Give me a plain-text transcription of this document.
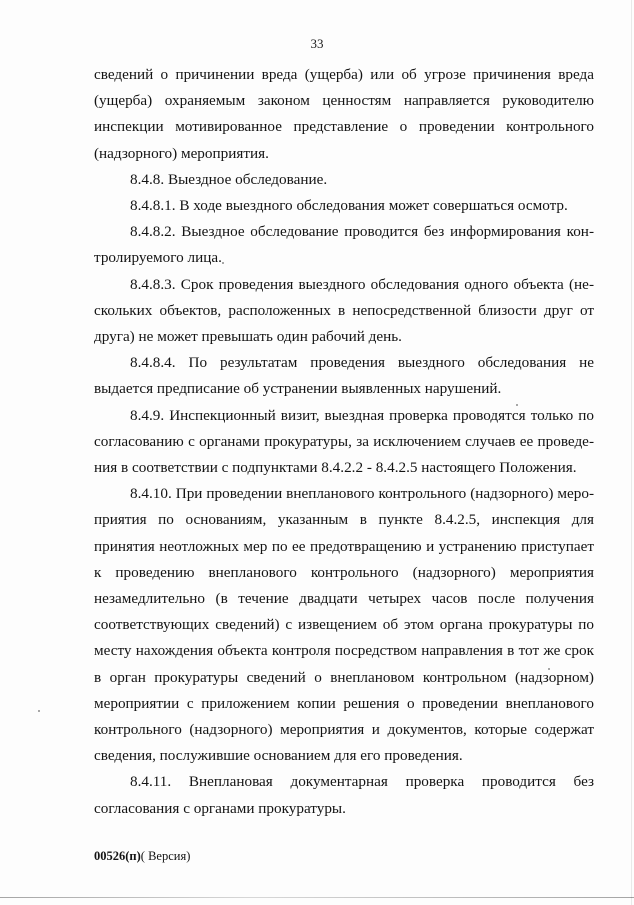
33

сведений о причинении вреда (ущерба) или об угрозе причинения вреда (ущерба) охраняемым законом ценностям направляется руководителю инспекции мотивированное представление о проведении контрольного (надзорного) мероприятия.

8.4.8. Выездное обследование.

8.4.8.1. В ходе выездного обследования может совершаться осмотр.

8.4.8.2. Выездное обследование проводится без информирования контролируемого лица.

8.4.8.3. Срок проведения выездного обследования одного объекта (нескольких объектов, расположенных в непосредственной близости друг от друга) не может превышать один рабочий день.

8.4.8.4. По результатам проведения выездного обследования не выдается предписание об устранении выявленных нарушений.

8.4.9. Инспекционный визит, выездная проверка проводятся только по согласованию с органами прокуратуры, за исключением случаев ее проведения в соответствии с подпунктами 8.4.2.2 - 8.4.2.5 настоящего Положения.

8.4.10. При проведении внепланового контрольного (надзорного) мероприятия по основаниям, указанным в пункте 8.4.2.5, инспекция для принятия неотложных мер по ее предотвращению и устранению приступает к проведению внепланового контрольного (надзорного) мероприятия незамедлительно (в течение двадцати четырех часов после получения соответствующих сведений) с извещением об этом органа прокуратуры по месту нахождения объекта контроля посредством направления в тот же срок в орган прокуратуры сведений о внеплановом контрольном (надзорном) мероприятии с приложением копии решения о проведении внепланового контрольного (надзорного) мероприятия и документов, которые содержат сведения, послужившие основанием для его проведения.

8.4.11. Внеплановая документарная проверка проводится без согласования с органами прокуратуры.

00526(п)( Версия)
